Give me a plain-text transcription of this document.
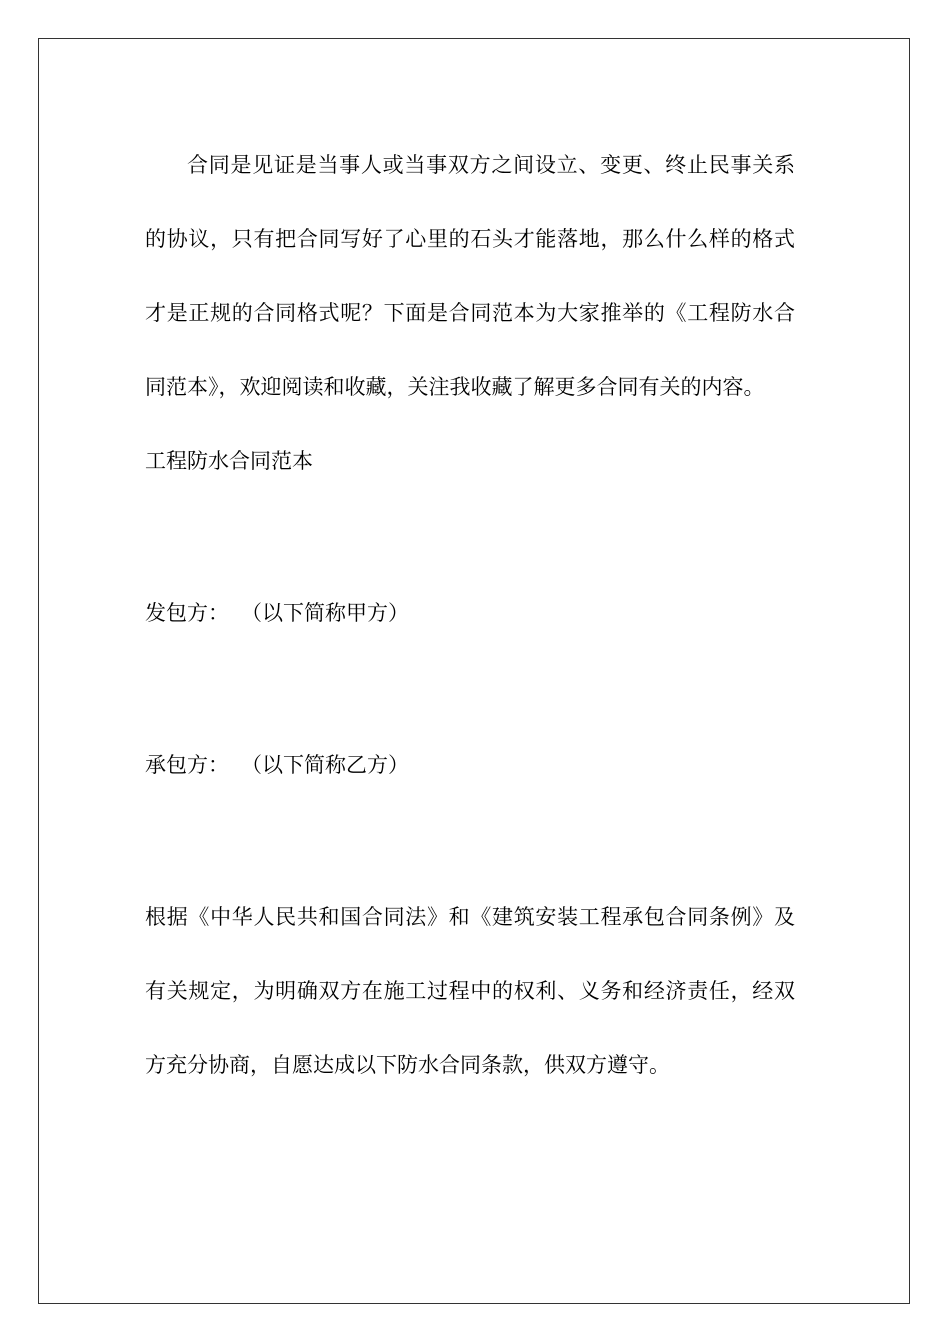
合同是见证是当事人或当事双方之间设立、变更、终止民事关系的协议，只有把合同写好了心里的石头才能落地，那么什么样的格式才是正规的合同格式呢？下面是合同范本为大家推举的《工程防水合同范本》，欢迎阅读和收藏，关注我收藏了解更多合同有关的内容。

工程防水合同范本

发包方： （以下简称甲方）

承包方： （以下简称乙方）

根据《中华人民共和国合同法》和《建筑安装工程承包合同条例》及有关规定，为明确双方在施工过程中的权利、义务和经济责任，经双方充分协商，自愿达成以下防水合同条款，供双方遵守。
